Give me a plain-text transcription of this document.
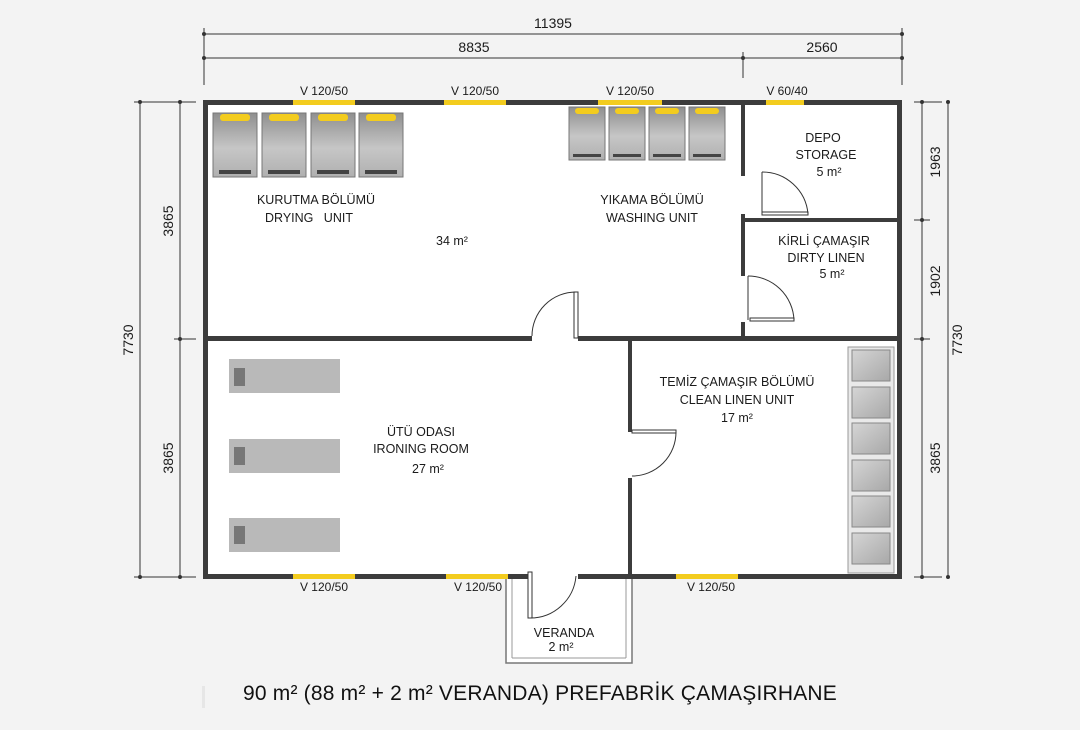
11395
8835	2560
7730
3865
3865
1963
1902
3865
7730
V 120/50	V 120/50	V 120/50	V 60/40
V 120/50	V 120/50	V 120/50
KURUTMA BÖLÜMÜ
DRYING   UNIT
YIKAMA BÖLÜMÜ
WASHING UNIT
34 m²
DEPO
STORAGE
5 m²
KİRLİ ÇAMAŞIR
DIRTY LINEN
5 m²
ÜTÜ ODASI
IRONING ROOM
27 m²
TEMİZ ÇAMAŞIR BÖLÜMÜ
CLEAN LINEN UNIT
17 m²
VERANDA
2 m²
90 m² (88 m² + 2 m² VERANDA) PREFABRİK ÇAMAŞIRHANE
